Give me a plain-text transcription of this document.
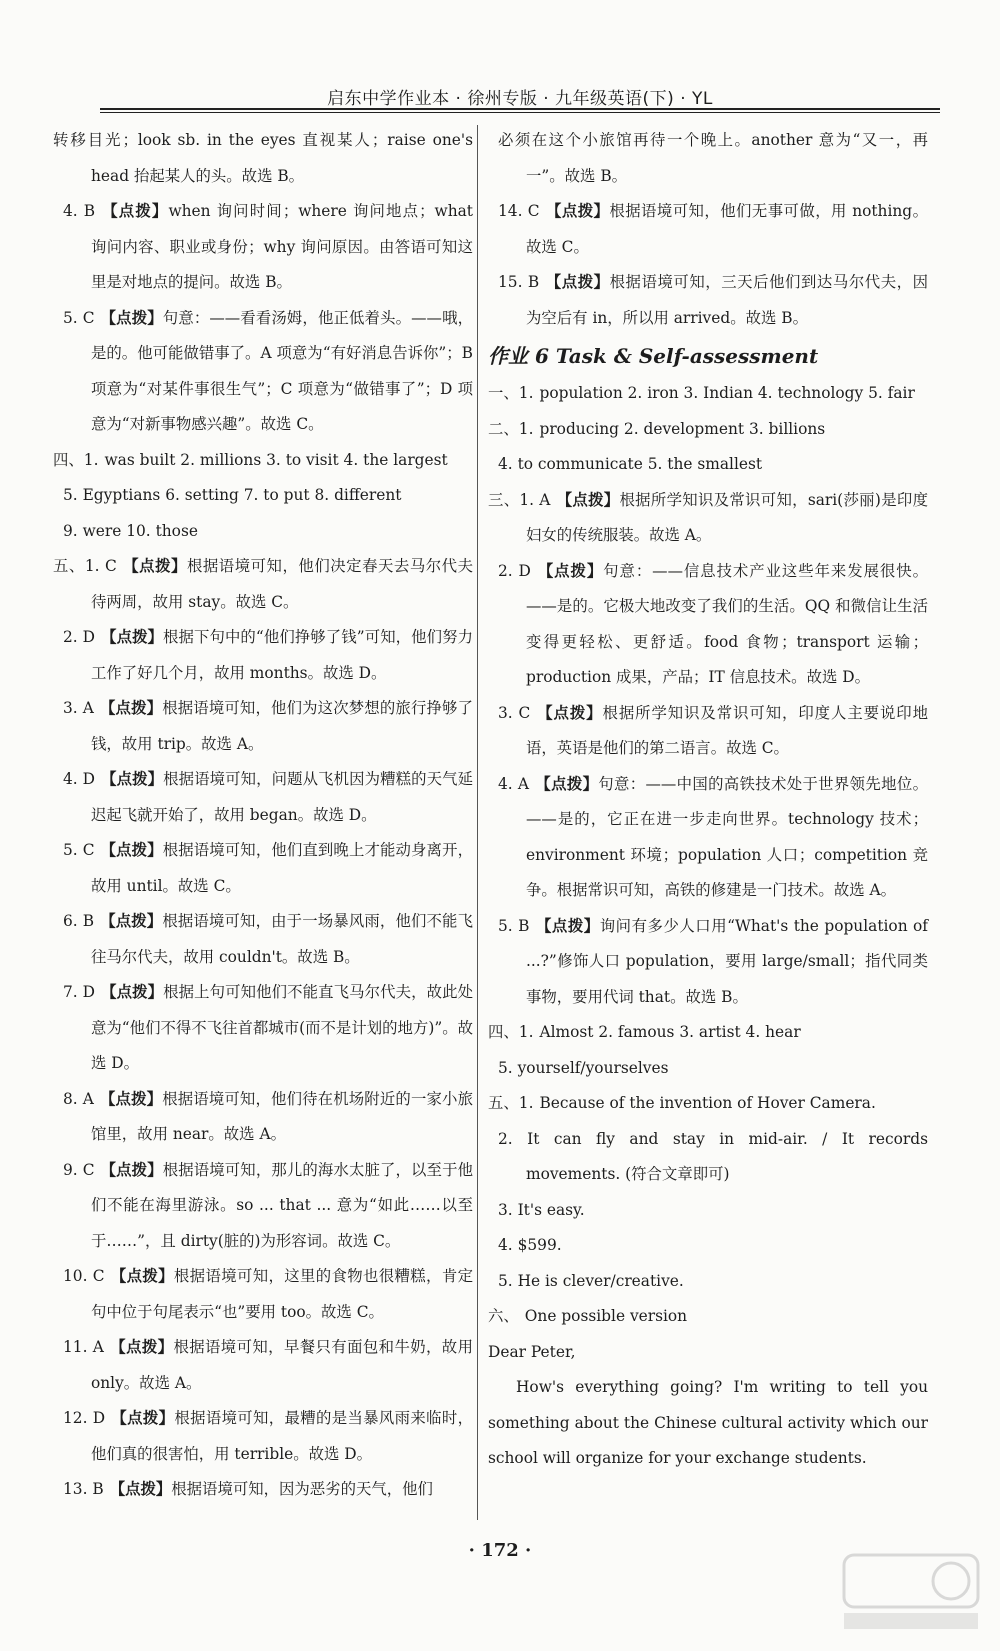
启东中学作业本 · 徐州专版 · 九年级英语(下) · YL

转移目光；look sb. in the eyes 直视某人；raise one's head 抬起某人的头。故选 B。

4. B 【点拨】when 询问时间；where 询问地点；what 询问内容、职业或身份；why 询问原因。由答语可知这里是对地点的提问。故选 B。

5. C 【点拨】句意：——看看汤姆，他正低着头。——哦，是的。他可能做错事了。A 项意为“有好消息告诉你”；B 项意为“对某件事很生气”；C 项意为“做错事了”；D 项意为“对新事物感兴趣”。故选 C。

四、1. was built 2. millions 3. to visit 4. the largest

5. Egyptians 6. setting 7. to put 8. different

9. were 10. those

五、1. C 【点拨】根据语境可知，他们决定春天去马尔代夫待两周，故用 stay。故选 C。

2. D 【点拨】根据下句中的“他们挣够了钱”可知，他们努力工作了好几个月，故用 months。故选 D。

3. A 【点拨】根据语境可知，他们为这次梦想的旅行挣够了钱，故用 trip。故选 A。

4. D 【点拨】根据语境可知，问题从飞机因为糟糕的天气延迟起飞就开始了，故用 began。故选 D。

5. C 【点拨】根据语境可知，他们直到晚上才能动身离开，故用 until。故选 C。

6. B 【点拨】根据语境可知，由于一场暴风雨，他们不能飞往马尔代夫，故用 couldn't。故选 B。

7. D 【点拨】根据上句可知他们不能直飞马尔代夫，故此处意为“他们不得不飞往首都城市(而不是计划的地方)”。故选 D。

8. A 【点拨】根据语境可知，他们待在机场附近的一家小旅馆里，故用 near。故选 A。

9. C 【点拨】根据语境可知，那儿的海水太脏了，以至于他们不能在海里游泳。so ... that ... 意为“如此……以至于……”，且 dirty(脏的)为形容词。故选 C。

10. C 【点拨】根据语境可知，这里的食物也很糟糕，肯定句中位于句尾表示“也”要用 too。故选 C。

11. A 【点拨】根据语境可知，早餐只有面包和牛奶，故用 only。故选 A。

12. D 【点拨】根据语境可知，最糟的是当暴风雨来临时，他们真的很害怕，用 terrible。故选 D。

13. B 【点拨】根据语境可知，因为恶劣的天气，他们

必须在这个小旅馆再待一个晚上。another 意为“又一，再一”。故选 B。

14. C 【点拨】根据语境可知，他们无事可做，用 nothing。故选 C。

15. B 【点拨】根据语境可知，三天后他们到达马尔代夫，因为空后有 in，所以用 arrived。故选 B。

作业 6 Task & Self-assessment

一、1. population 2. iron 3. Indian 4. technology 5. fair

二、1. producing 2. development 3. billions

4. to communicate 5. the smallest

三、1. A 【点拨】根据所学知识及常识可知，sari(莎丽)是印度妇女的传统服装。故选 A。

2. D 【点拨】句意：——信息技术产业这些年来发展很快。——是的。它极大地改变了我们的生活。QQ 和微信让生活变得更轻松、更舒适。food 食物；transport 运输；production 成果，产品；IT 信息技术。故选 D。

3. C 【点拨】根据所学知识及常识可知，印度人主要说印地语，英语是他们的第二语言。故选 C。

4. A 【点拨】句意：——中国的高铁技术处于世界领先地位。——是的，它正在进一步走向世界。technology 技术；environment 环境；population 人口；competition 竞争。根据常识可知，高铁的修建是一门技术。故选 A。

5. B 【点拨】询问有多少人口用“What's the population of ...?”修饰人口 population，要用 large/small；指代同类事物，要用代词 that。故选 B。

四、1. Almost 2. famous 3. artist 4. hear

5. yourself/yourselves

五、1. Because of the invention of Hover Camera.

2. It can fly and stay in mid-air. / It records movements. (符合文章即可)

3. It's easy.

4. $599.

5. He is clever/creative.

六、 One possible version

Dear Peter,

How's everything going? I'm writing to tell you something about the Chinese cultural activity which our school will organize for your exchange students.

· 172 ·
